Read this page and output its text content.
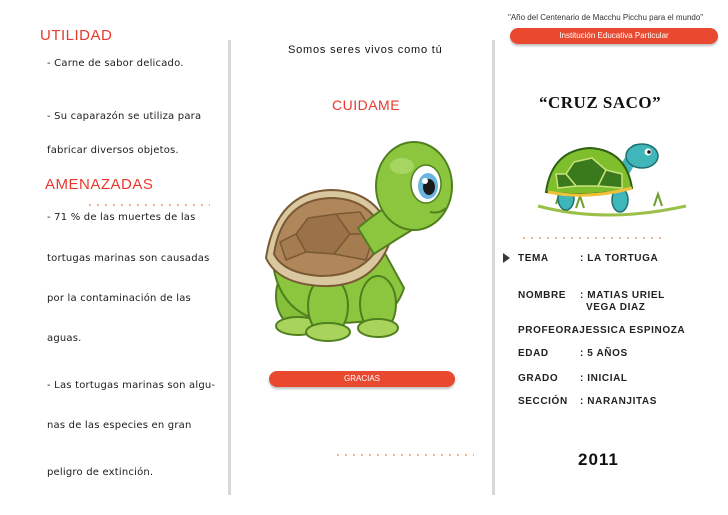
UTILIDAD
- Carne de sabor delicado.
- Su caparazón se utiliza para
fabricar diversos objetos.
AMENAZADAS
- 71 % de las muertes de las
tortugas marinas son causadas
por la contaminación de las
aguas.
- Las tortugas marinas son algu-
nas de las especies en gran
peligro de extinción.
Somos seres vivos como tú
CUIDAME
GRACIAS
"Año del Centenario de Macchu Picchu para el mundo"
Institución Educativa Particular
“CRUZ SACO”
TEMA	: LA TORTUGA
NOMBRE : MATIAS URIEL
VEGA DIAZ
PROFEORA
: JESSICA ESPINOZA
EDAD	: 5 AÑOS
GRADO : INICIAL
SECCIÓN : NARANJITAS
2011
